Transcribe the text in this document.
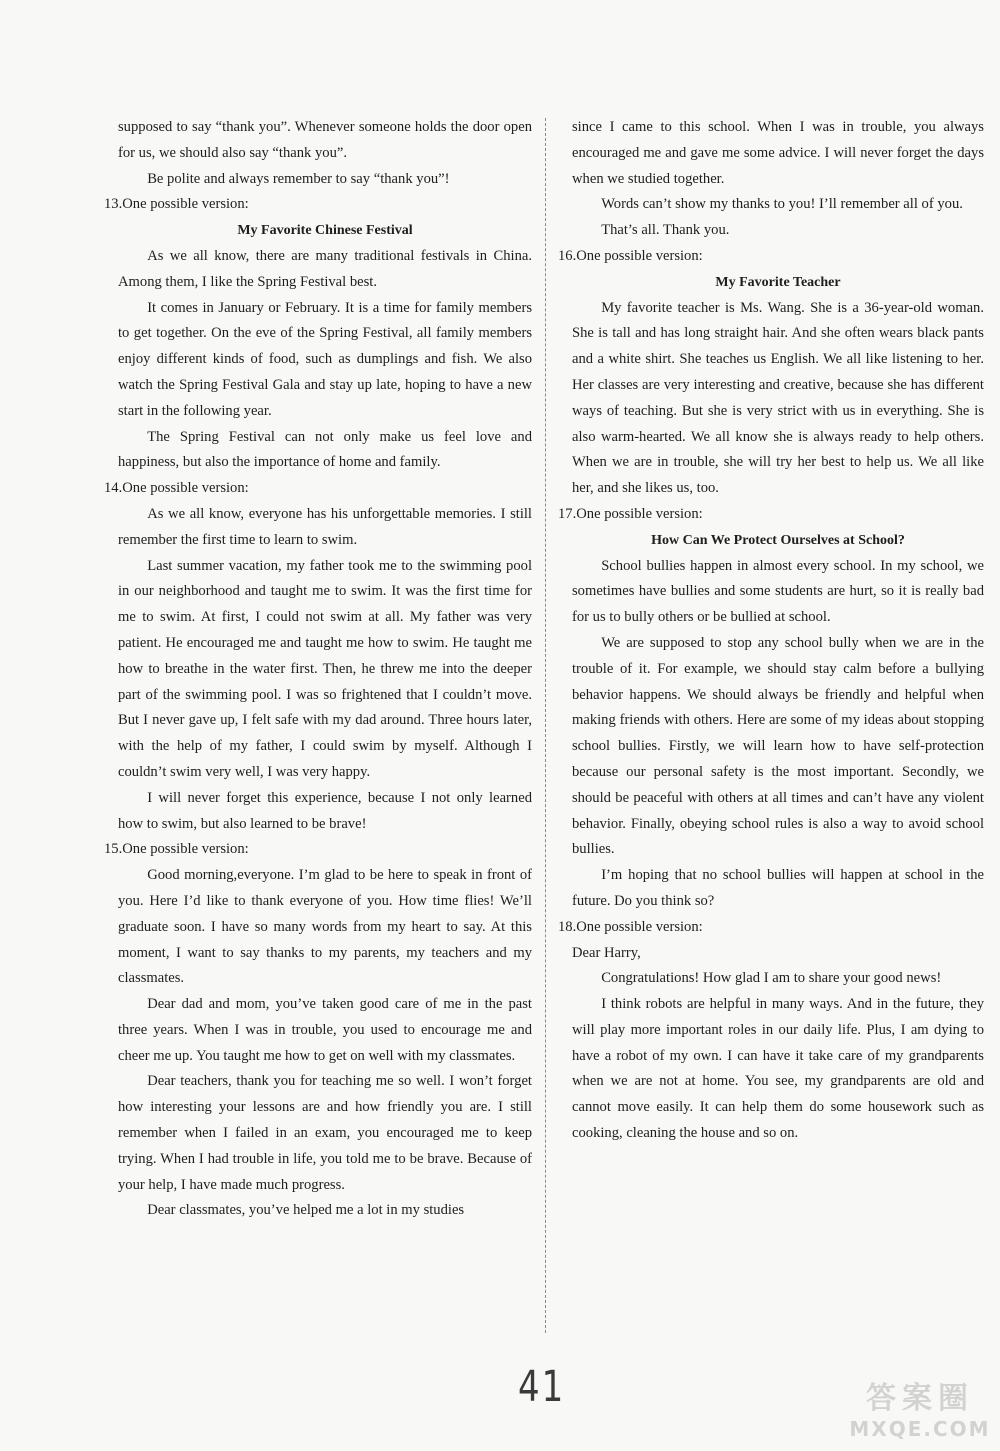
supposed to say “thank you”. Whenever someone holds the door open for us, we should also say “thank you”.

Be polite and always remember to say “thank you”!

13.One possible version:

My Favorite Chinese Festival

As we all know, there are many traditional festivals in China. Among them, I like the Spring Festival best.

It comes in January or February. It is a time for family members to get together. On the eve of the Spring Festival, all family members enjoy different kinds of food, such as dumplings and fish. We also watch the Spring Festival Gala and stay up late, hoping to have a new start in the following year.

The Spring Festival can not only make us feel love and happiness, but also the importance of home and family.

14.One possible version:

As we all know, everyone has his unforgettable memories. I still remember the first time to learn to swim.

Last summer vacation, my father took me to the swimming pool in our neighborhood and taught me to swim. It was the first time for me to swim. At first, I could not swim at all. My father was very patient. He encouraged me and taught me how to swim. He taught me how to breathe in the water first. Then, he threw me into the deeper part of the swimming pool. I was so frightened that I couldn’t move. But I never gave up, I felt safe with my dad around. Three hours later, with the help of my father, I could swim by myself. Although I couldn’t swim very well, I was very happy.

I will never forget this experience, because I not only learned how to swim, but also learned to be brave!

15.One possible version:

Good morning,everyone. I’m glad to be here to speak in front of you. Here I’d like to thank everyone of you. How time flies! We’ll graduate soon. I have so many words from my heart to say. At this moment, I want to say thanks to my parents, my teachers and my classmates.

Dear dad and mom, you’ve taken good care of me in the past three years. When I was in trouble, you used to encourage me and cheer me up. You taught me how to get on well with my classmates.

Dear teachers, thank you for teaching me so well. I won’t forget how interesting your lessons are and how friendly you are. I still remember when I failed in an exam, you encouraged me to keep trying. When I had trouble in life, you told me to be brave. Because of your help, I have made much progress.

Dear classmates, you’ve helped me a lot in my studies

since I came to this school. When I was in trouble, you always encouraged me and gave me some advice. I will never forget the days when we studied together.

Words can’t show my thanks to you! I’ll remember all of you.

That’s all. Thank you.

16.One possible version:

My Favorite Teacher

My favorite teacher is Ms. Wang. She is a 36-year-old woman. She is tall and has long straight hair. And she often wears black pants and a white shirt. She teaches us English. We all like listening to her. Her classes are very interesting and creative, because she has different ways of teaching. But she is very strict with us in everything. She is also warm-hearted. We all know she is always ready to help others. When we are in trouble, she will try her best to help us. We all like her, and she likes us, too.

17.One possible version:

How Can We Protect Ourselves at School?

School bullies happen in almost every school. In my school, we sometimes have bullies and some students are hurt, so it is really bad for us to bully others or be bullied at school.

We are supposed to stop any school bully when we are in the trouble of it. For example, we should stay calm before a bullying behavior happens. We should always be friendly and helpful when making friends with others. Here are some of my ideas about stopping school bullies. Firstly, we will learn how to have self-protection because our personal safety is the most important. Secondly, we should be peaceful with others at all times and can’t have any violent behavior. Finally, obeying school rules is also a way to avoid school bullies.

I’m hoping that no school bullies will happen at school in the future. Do you think so?

18.One possible version:

Dear Harry,

Congratulations! How glad I am to share your good news!

I think robots are helpful in many ways. And in the future, they will play more important roles in our daily life. Plus, I am dying to have a robot of my own. I can have it take care of my grandparents when we are not at home. You see, my grandparents are old and cannot move easily. It can help them do some housework such as cooking, cleaning the house and so on.

41	答案圈
MXQE.COM
